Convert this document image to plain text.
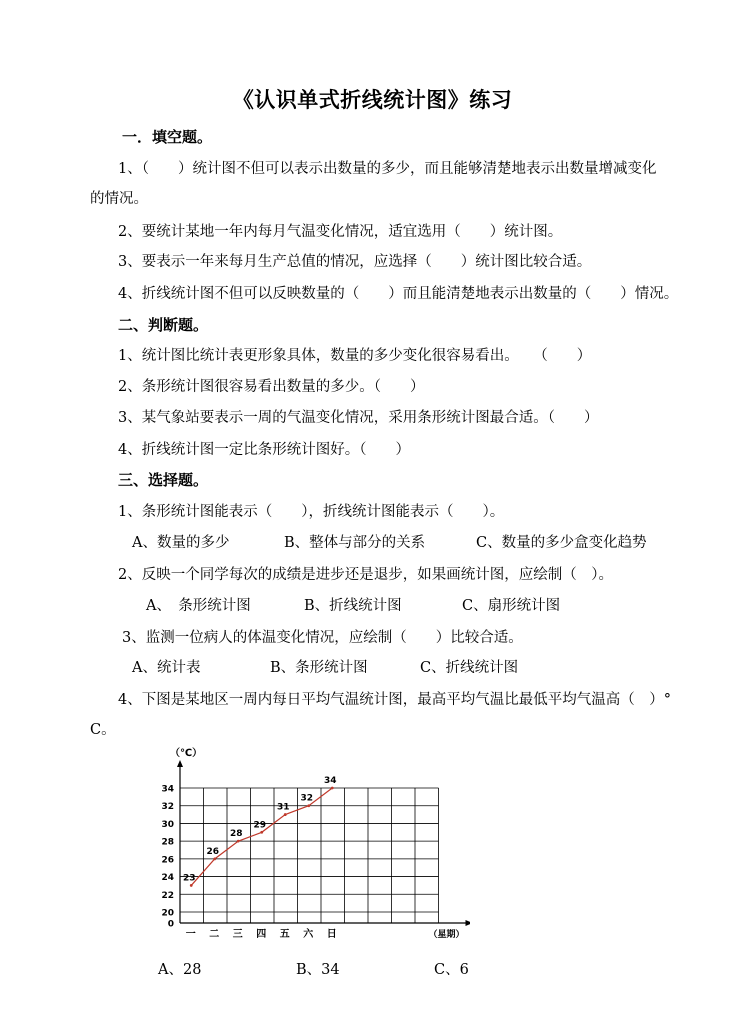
《认识单式折线统计图》练习
一．填空题。
1、（　　）统计图不但可以表示出数量的多少，而且能够清楚地表示出数量增减变化
的情况。
2、要统计某地一年内每月气温变化情况，适宜选用（　　）统计图。
3、要表示一年来每月生产总值的情况，应选择（　　）统计图比较合适。
4、折线统计图不但可以反映数量的（　　）而且能清楚地表示出数量的（　　）情况。
二、判断题。
1、统计图比统计表更形象具体，数量的多少变化很容易看出。　　（　　）
2、条形统计图很容易看出数量的多少。（　　）
3、某气象站要表示一周的气温变化情况，采用条形统计图最合适。（　　）
4、折线统计图一定比条形统计图好。（　　）
三、选择题。
1、条形统计图能表示（　　），折线统计图能表示（　　）。
A、数量的多少	B、整体与部分的关系	C、数量的多少盒变化趋势
2、反映一个同学每次的成绩是进步还是退步，如果画统计图，应绘制（　）。
A、　条形统计图	B、折线统计图	C、扇形统计图
3、监测一位病人的体温变化情况，应绘制（　　）比较合适。
A、统计表	B、条形统计图	C、折线统计图
4、下图是某地区一周内每日平均气温统计图，最高平均气温比最低平均气温高（　）°
C。
0
20
22
24
26
28
30
32
34
一 二 三 四 五 六 日
23
26
28
29
31
32
34
（℃）
（星期）
A、28	B、34	C、6
